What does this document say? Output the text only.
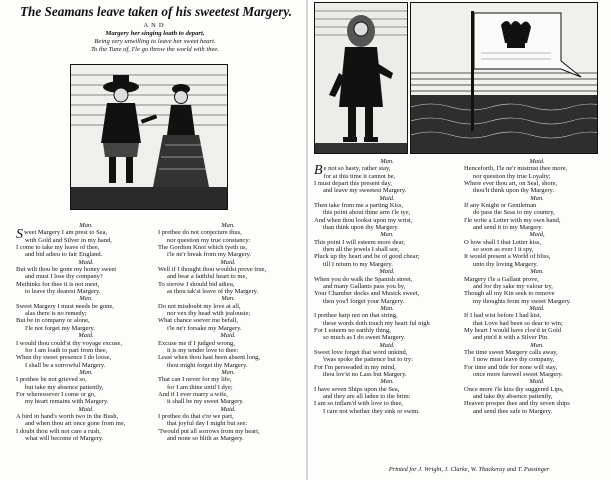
The Seamans leave taken of his sweetest Margery.
AND
Margery her singing loath to depart,
Being very unwilling to leave her sweet heart.
To the Tune of, I'le go throw the world with thee.
Man.
Sweet Margery I am prest to Sea,
with Gold and Silver in my hand,
I come to take my leave of thee,
and bid adieu to fair England.
Maid.
But wilt thou be gone my honey sweet
and must I lose thy company?
Methinks for thee it is not meet,
to leave thy dearest Margery.
Man.
Sweet Margery I must needs be gone,
alas there is no remedy;
But be in company or alone,
I'le not forget my Margery.
Maid.
I would thou could'st thy voyage excuse,
for I am loath to part from thee,
When thy sweet presence I do loose,
I shall be a sorrowful Margery.
Man.
I prethee be not grieved so,
but take my absence patiently,
For wheresoever I come or go,
my heart remains with Margery.
Maid.
A bird in hand's worth two in the Bush,
and when thou art once gone from me,
I doubt thou wilt not care a rush,
what will become of Margery.
Man.
I prethee do not conjecture thus,
nor question my true constancy:
The Gordion Knot which tyeth us,
i'le ne'r break from my Margery.
Maid.
Well if I thought thou wouldst prove true,
and bear a faithful heart to me,
To sorrow I should bid adieu,
as thou tak'st leave of thy Margery.
Man.
Do not misdoubt my love at all,
nor vex thy head with jealousie;
What chance soever me befall,
i'le ne'r forsake my Margery.
Maid.
Excuse me if I judged wrong,
it is my tender love to thee:
Least when thou hast been absent long,
thou might forget thy Margery.
Man.
That can I never for my life,
for I am thine until I dye;
And if I ever marry a wife,
it shall be my sweet Margery.
Maid.
I prethee do that e're we part,
that joyful day I might but see:
'Twould put all sorrows from my heart,
and none so blith as Margery.
Man.
Be not so hasty, rather stay,
for at this time it cannot be,
I must depart this present day,
and leave my sweetest Margery.
Maid.
Then take from me a parting Kiss,
this point about thine arm i'le tye,
And when thou lookst upon my wrist,
than think upon thy Margery.
Man.
This point I will esteem more dear,
then all the jewels I shall see,
Pluck up thy heart and be of good chear;
till I return to my Margery.
Maid.
When you do walk the Spanish street,
and many Gallants pass you by,
Your Chamber docks and Musick sweet,
then you'l forget your Margery.
Man.
I prethee harp not on that string,
these words doth touch my heart ful nigh
For I esteem no earthly thing,
so much as I do sweet Margery.
Maid.
Sweet love forget that word unkind,
'twas spoke the patience but to try:
For I'm perswaded in my mind,
thou lov'st no Lass but Margery.
Man.
I have seven Ships upon the Sea,
and they are all laden to the brim:
I am so inflam'd with love to thee,
I care not whether they sink or swim.
Maid.
Henceforth, I'le ne'r mistrust thee more,
nor question thy true Loyalty;
Where ever thou art, on Seal, shore,
thou'lt think upon thy Margery.
Man.
If any Knight or Gentleman
do pass the Seas to my country,
I'le write a Letter with my own hand,
and send it to my Margery.
Maid,
O how shall I that Letter kiss,
so soon as ever I it spy,
It would present a World of bliss,
unto thy loving Margery.
Man.
Margery i'le a Gallant prove,
and for thy sake my valour try,
Though all my Kin seek to remove
my thoughts from my sweet Margery.
Maid.
If I had wist before I had kist,
that Love had been so dear to win;
My heart I would have clos'd in Gold
and pin'd it with a Silver Pin.
Man.
The time sweet Margery calls away,
I now must leave thy company,
For time and tide for none will stay,
once more farewel sweet Margery.
Maid.
Once more i'le kiss thy suggered Lips,
and take thy absence patiently,
Heaven prosper thee and thy seven ships
and send thee safe to Margery.
Printed for J. Wright, J. Clarke, W. Thackeray and T. Passinger
